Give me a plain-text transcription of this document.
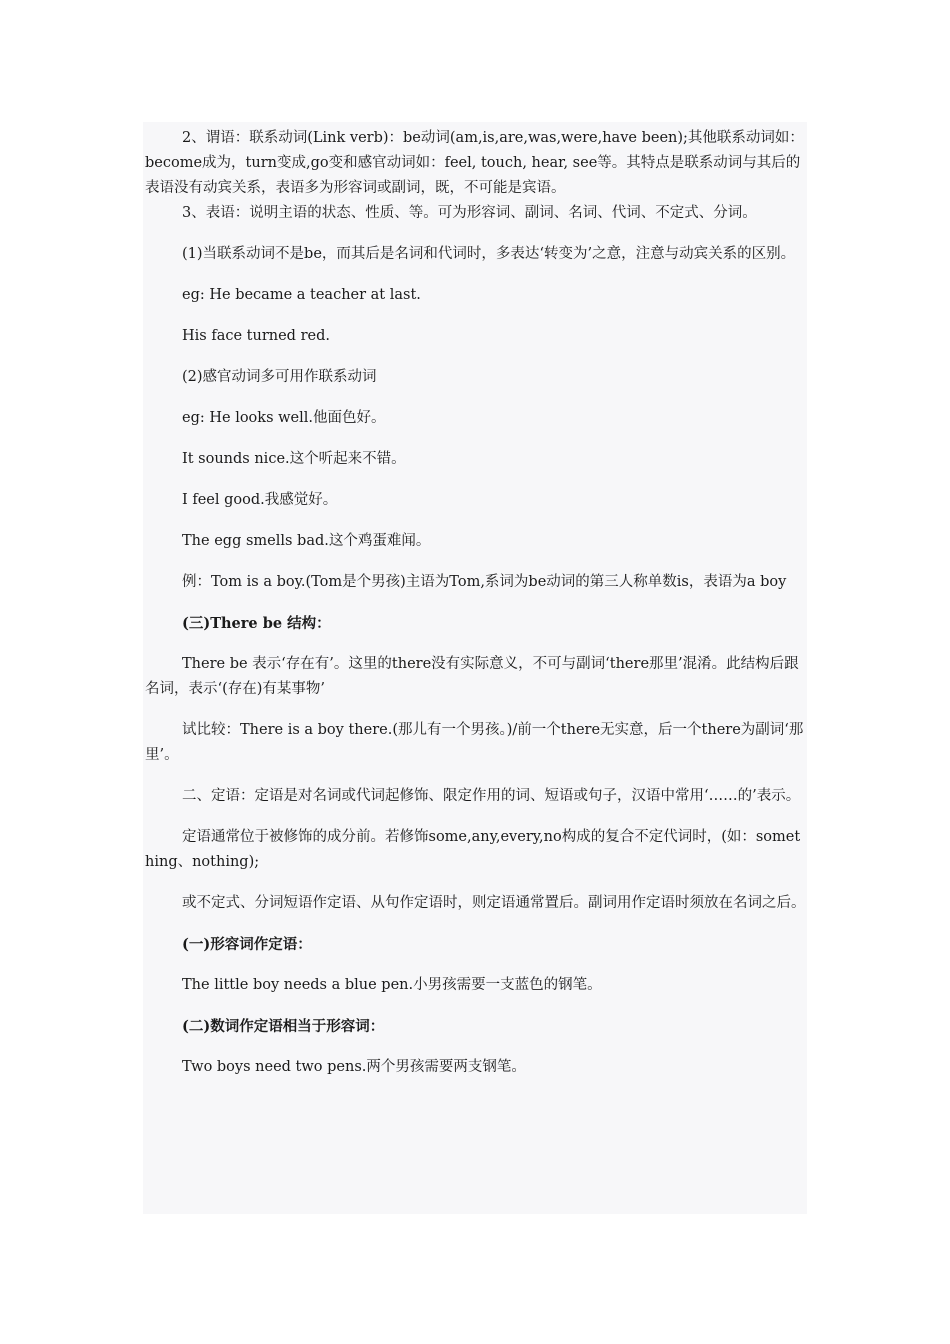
2、谓语：联系动词(Link verb)：be动词(am,is,are,was,were,have been);其他联系动词如：become成为，turn变成,go变和感官动词如：feel, touch, hear, see等。其特点是联系动词与其后的表语没有动宾关系，表语多为形容词或副词，既，不可能是宾语。

3、表语：说明主语的状态、性质、等。可为形容词、副词、名词、代词、不定式、分词。

(1)当联系动词不是be，而其后是名词和代词时，多表达‘转变为’之意，注意与动宾关系的区别。

eg: He became a teacher at last.

His face turned red.

(2)感官动词多可用作联系动词

eg: He looks well.他面色好。

It sounds nice.这个听起来不错。

I feel good.我感觉好。

The egg smells bad.这个鸡蛋难闻。

例：Tom is a boy.(Tom是个男孩)主语为Tom,系词为be动词的第三人称单数is，表语为a boy

(三)There be 结构：

There be 表示‘存在有’。这里的there没有实际意义，不可与副词‘there那里’混淆。此结构后跟名词，表示‘(存在)有某事物’

试比较：There is a boy there.(那儿有一个男孩。)/前一个there无实意，后一个there为副词‘那里’。

二、定语：定语是对名词或代词起修饰、限定作用的词、短语或句子，汉语中常用‘……的’表示。

定语通常位于被修饰的成分前。若修饰some,any,every,no构成的复合不定代词时，(如：something、nothing);

或不定式、分词短语作定语、从句作定语时，则定语通常置后。副词用作定语时须放在名词之后。

(一)形容词作定语：

The little boy needs a blue pen.小男孩需要一支蓝色的钢笔。

(二)数词作定语相当于形容词：

Two boys need two pens.两个男孩需要两支钢笔。
